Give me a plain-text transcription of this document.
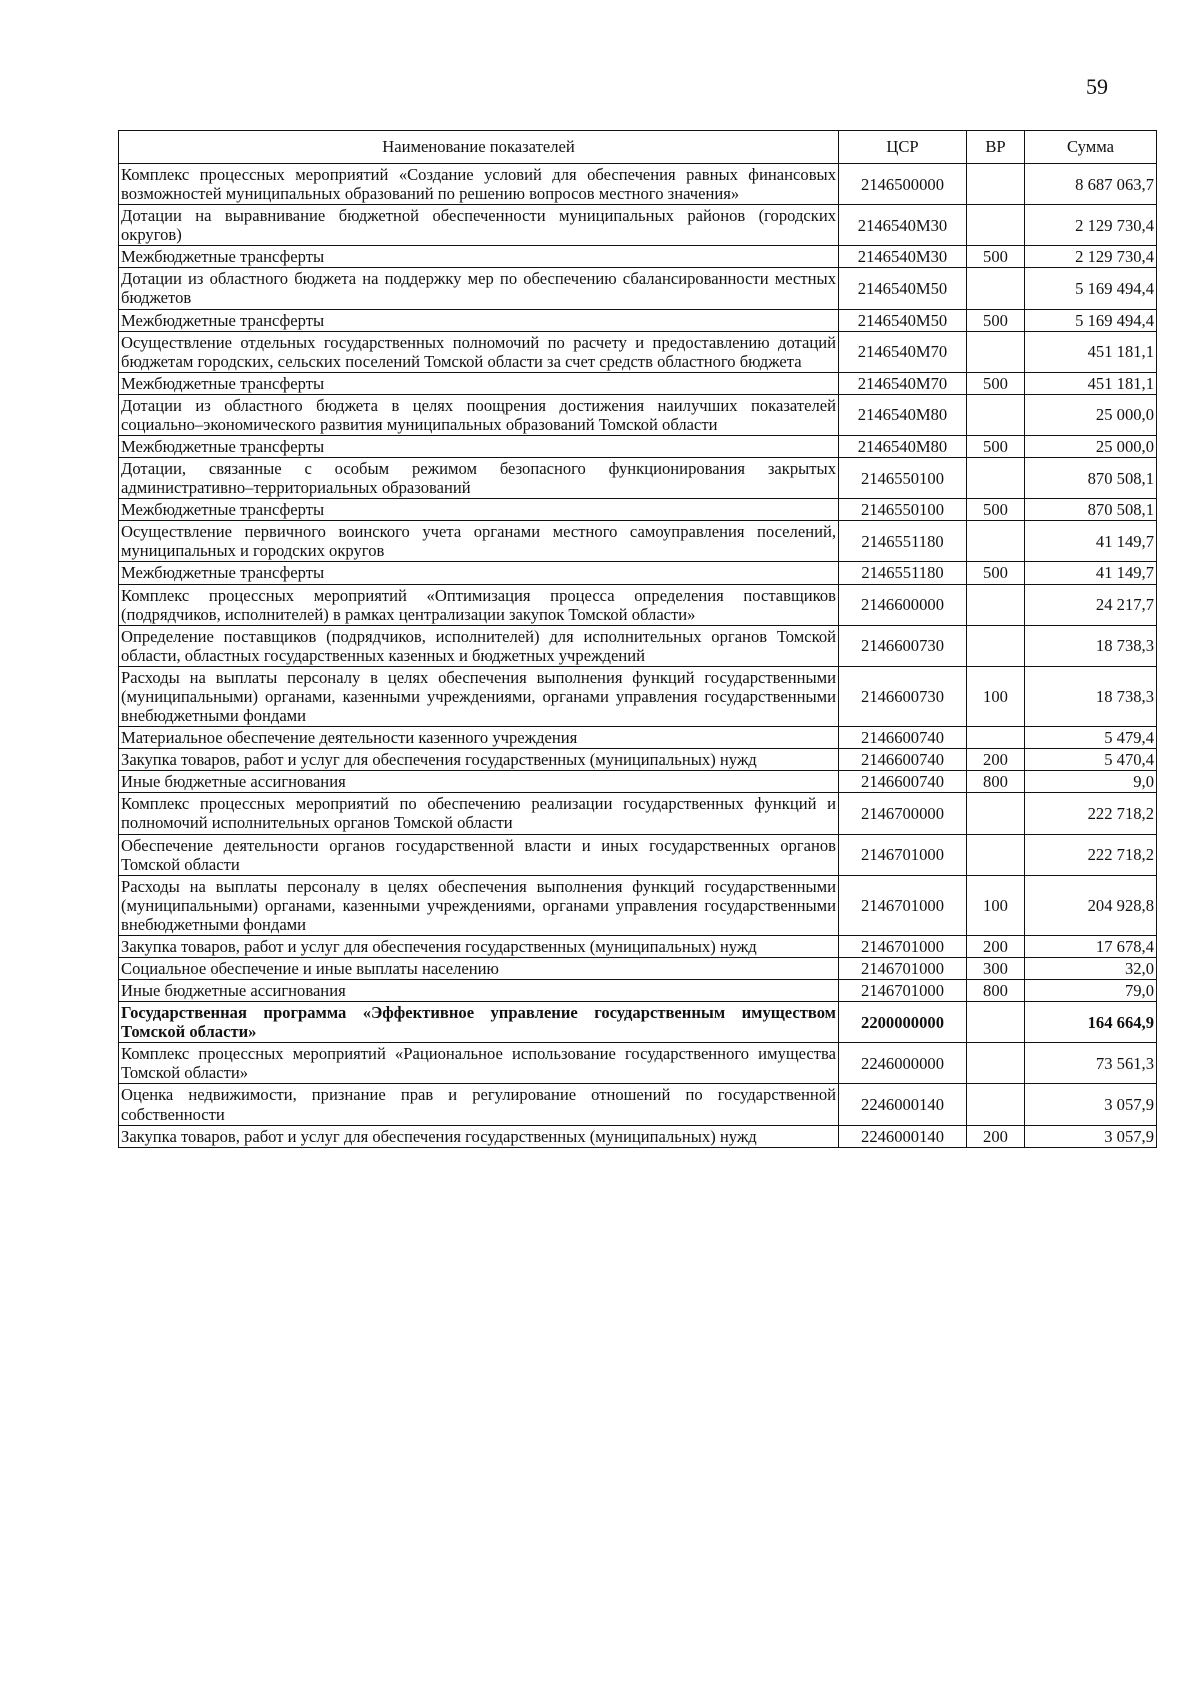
59
Наименование показателей	ЦСР	ВР	Сумма
Комплекс процессных мероприятий «Создание условий для обеспечения равных финансовых возможностей муниципальных образований по решению вопросов местного значения»	2146500000		8 687 063,7
Дотации на выравнивание бюджетной обеспеченности муниципальных районов (городских округов)	2146540М30		2 129 730,4
Межбюджетные трансферты	2146540М30	500	2 129 730,4
Дотации из областного бюджета на поддержку мер по обеспечению сбалансированности местных бюджетов	2146540М50		5 169 494,4
Межбюджетные трансферты	2146540М50	500	5 169 494,4
Осуществление отдельных государственных полномочий по расчету и предоставлению дотаций бюджетам городских, сельских поселений Томской области за счет средств областного бюджета	2146540М70		451 181,1
Межбюджетные трансферты	2146540М70	500	451 181,1
Дотации из областного бюджета в целях поощрения достижения наилучших показателей социально–экономического развития муниципальных образований Томской области	2146540М80		25 000,0
Межбюджетные трансферты	2146540М80	500	25 000,0
Дотации, связанные с особым режимом безопасного функционирования закрытых административно–территориальных образований	2146550100		870 508,1
Межбюджетные трансферты	2146550100	500	870 508,1
Осуществление первичного воинского учета органами местного самоуправления поселений, муниципальных и городских округов	2146551180		41 149,7
Межбюджетные трансферты	2146551180	500	41 149,7
Комплекс процессных мероприятий «Оптимизация процесса определения поставщиков (подрядчиков, исполнителей) в рамках централизации закупок Томской области»	2146600000		24 217,7
Определение поставщиков (подрядчиков, исполнителей) для исполнительных органов Томской области, областных государственных казенных и бюджетных учреждений	2146600730		18 738,3
Расходы на выплаты персоналу в целях обеспечения выполнения функций государственными (муниципальными) органами, казенными учреждениями, органами управления государственными внебюджетными фондами	2146600730	100	18 738,3
Материальное обеспечение деятельности казенного учреждения	2146600740		5 479,4
Закупка товаров, работ и услуг для обеспечения государственных (муниципальных) нужд	2146600740	200	5 470,4
Иные бюджетные ассигнования	2146600740	800	9,0
Комплекс процессных мероприятий по обеспечению реализации государственных функций и полномочий исполнительных органов Томской области	2146700000		222 718,2
Обеспечение деятельности органов государственной власти и иных государственных органов Томской области	2146701000		222 718,2
Расходы на выплаты персоналу в целях обеспечения выполнения функций государственными (муниципальными) органами, казенными учреждениями, органами управления государственными внебюджетными фондами	2146701000	100	204 928,8
Закупка товаров, работ и услуг для обеспечения государственных (муниципальных) нужд	2146701000	200	17 678,4
Социальное обеспечение и иные выплаты населению	2146701000	300	32,0
Иные бюджетные ассигнования	2146701000	800	79,0
Государственная программа «Эффективное управление государственным имуществом Томской области»	2200000000		164 664,9
Комплекс процессных мероприятий «Рациональное использование государственного имущества Томской области»	2246000000		73 561,3
Оценка недвижимости, признание прав и регулирование отношений по государственной собственности	2246000140		3 057,9
Закупка товаров, работ и услуг для обеспечения государственных (муниципальных) нужд	2246000140	200	3 057,9
